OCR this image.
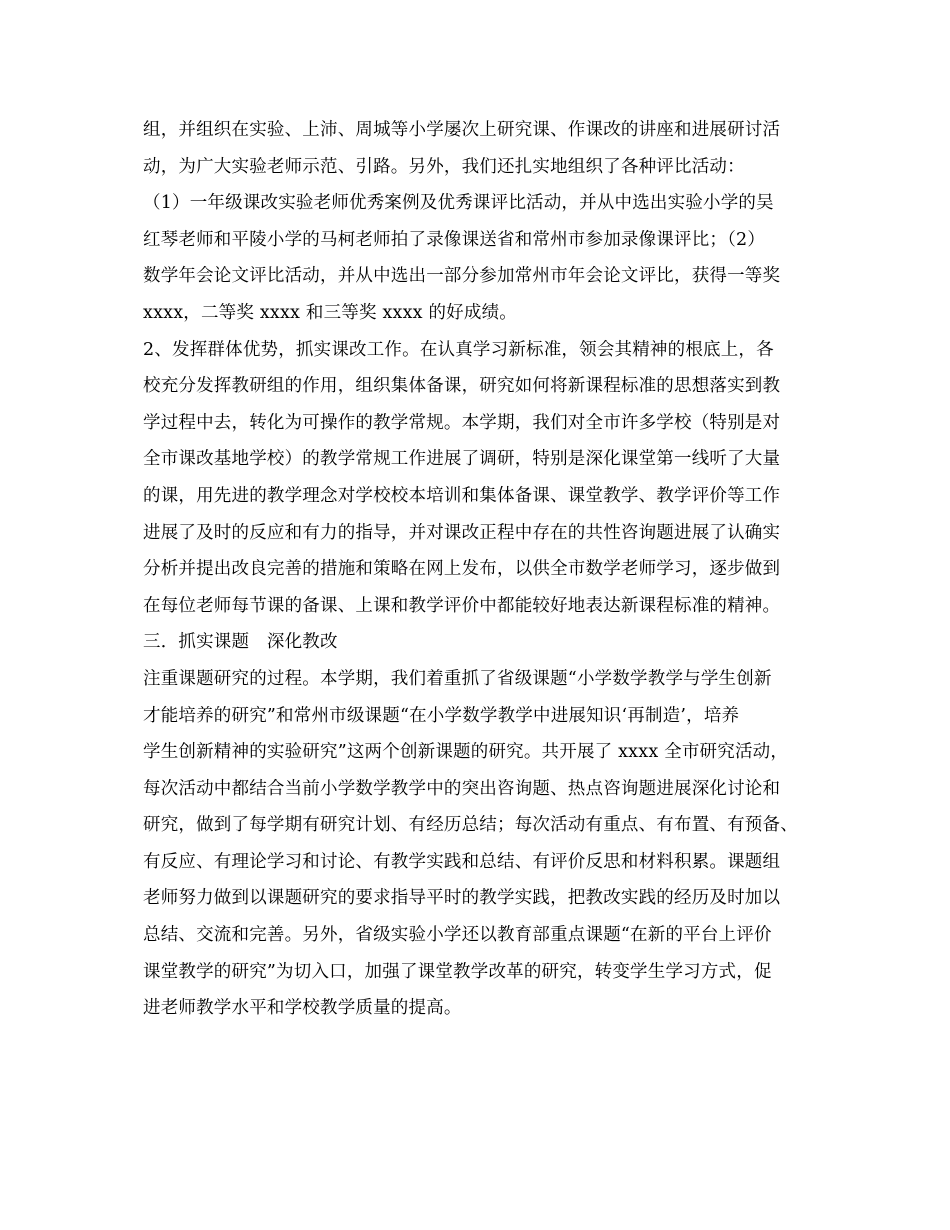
组，并组织在实验、上沛、周城等小学屡次上研究课、作课改的讲座和进展研讨活
动，为广大实验老师示范、引路。另外，我们还扎实地组织了各种评比活动：
（1）一年级课改实验老师优秀案例及优秀课评比活动，并从中选出实验小学的吴
红琴老师和平陵小学的马柯老师拍了录像课送省和常州市参加录像课评比；（2）
数学年会论文评比活动，并从中选出一部分参加常州市年会论文评比，获得一等奖
xxxx，二等奖 xxxx 和三等奖 xxxx 的好成绩。
2、发挥群体优势，抓实课改工作。在认真学习新标准，领会其精神的根底上，各
校充分发挥教研组的作用，组织集体备课，研究如何将新课程标准的思想落实到教
学过程中去，转化为可操作的教学常规。本学期，我们对全市许多学校（特别是对
全市课改基地学校）的教学常规工作进展了调研，特别是深化课堂第一线听了大量
的课，用先进的教学理念对学校校本培训和集体备课、课堂教学、教学评价等工作
进展了及时的反应和有力的指导，并对课改正程中存在的共性咨询题进展了认确实
分析并提出改良完善的措施和策略在网上发布，以供全市数学老师学习，逐步做到
在每位老师每节课的备课、上课和教学评价中都能较好地表达新课程标准的精神。
三．抓实课题　深化教改
注重课题研究的过程。本学期，我们着重抓了省级课题“小学数学教学与学生创新
才能培养的研究”和常州市级课题“在小学数学教学中进展知识‘再制造’，培养
学生创新精神的实验研究”这两个创新课题的研究。共开展了 xxxx 全市研究活动，
每次活动中都结合当前小学数学教学中的突出咨询题、热点咨询题进展深化讨论和
研究，做到了每学期有研究计划、有经历总结；每次活动有重点、有布置、有预备、
有反应、有理论学习和讨论、有教学实践和总结、有评价反思和材料积累。课题组
老师努力做到以课题研究的要求指导平时的教学实践，把教改实践的经历及时加以
总结、交流和完善。另外，省级实验小学还以教育部重点课题“在新的平台上评价
课堂教学的研究”为切入口，加强了课堂教学改革的研究，转变学生学习方式，促
进老师教学水平和学校教学质量的提高。
